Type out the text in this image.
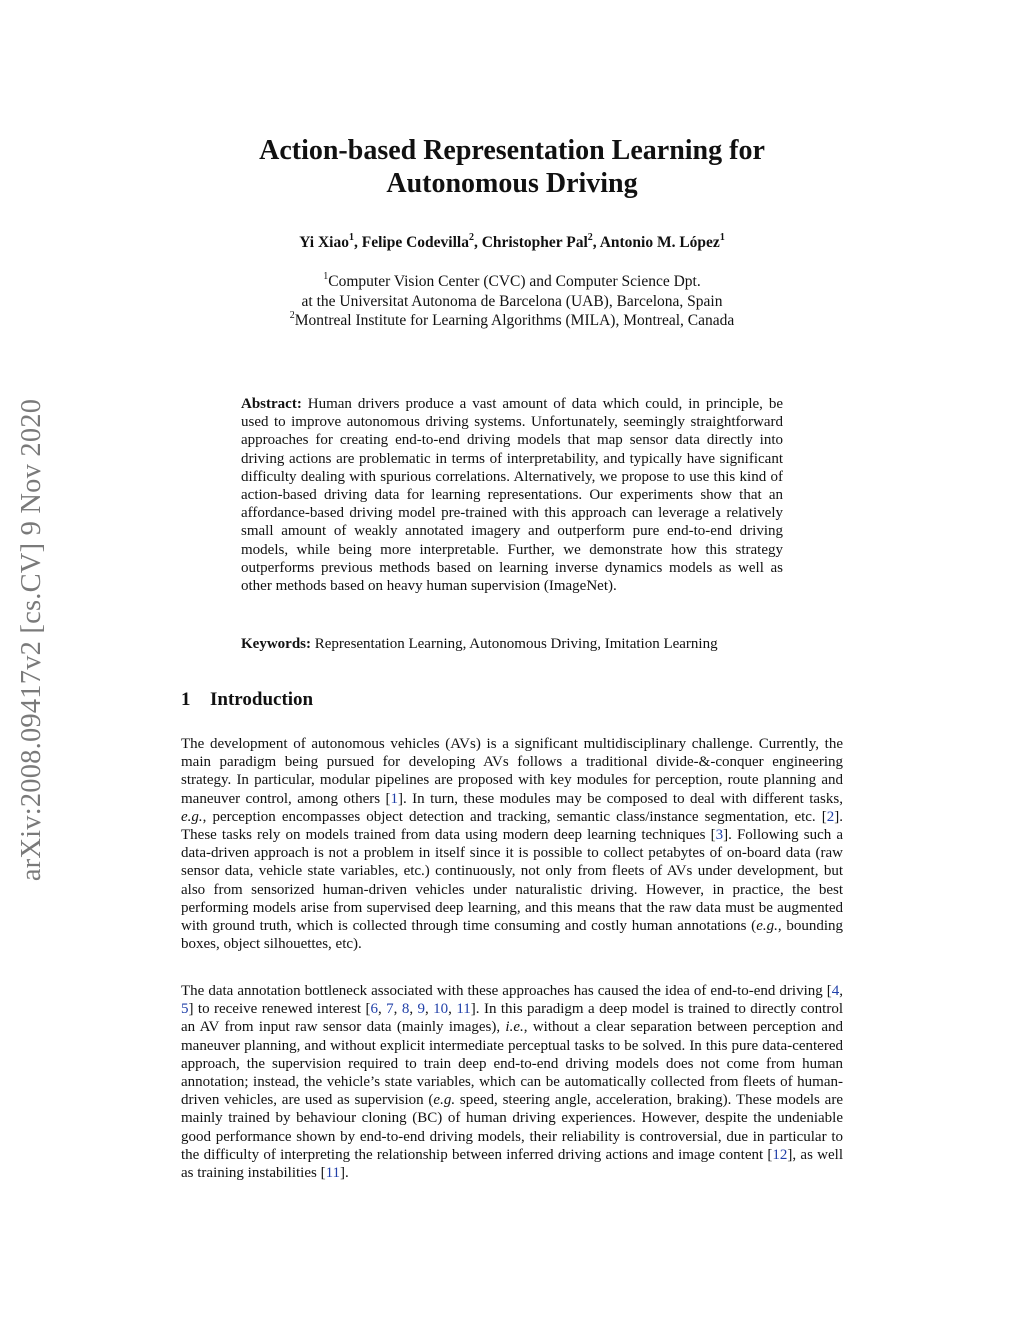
arXiv:2008.09417v2 [cs.CV] 9 Nov 2020
Action-based Representation Learning for
Autonomous Driving
Yi Xiao$^1$, Felipe Codevilla$^2$, Christopher Pal$^2$, Antonio M. López$^1$
$^1$Computer Vision Center (CVC) and Computer Science Dpt.
at the Universitat Autonoma de Barcelona (UAB), Barcelona, Spain
$^2$Montreal Institute for Learning Algorithms (MILA), Montreal, Canada
Abstract: Human drivers produce a vast amount of data which could, in principle, be used to improve autonomous driving systems. Unfortunately, seemingly straightforward approaches for creating end-to-end driving models that map sensor data directly into driving actions are problematic in terms of interpretability, and typically have significant difficulty dealing with spurious correlations. Alternatively, we propose to use this kind of action-based driving data for learning representations. Our experiments show that an affordance-based driving model pre-trained with this approach can leverage a relatively small amount of weakly annotated imagery and outperform pure end-to-end driving models, while being more interpretable. Further, we demonstrate how this strategy outperforms previous methods based on learning inverse dynamics models as well as other methods based on heavy human supervision (ImageNet).
Keywords: Representation Learning, Autonomous Driving, Imitation Learning
1 Introduction
The development of autonomous vehicles (AVs) is a significant multidisciplinary challenge. Currently, the main paradigm being pursued for developing AVs follows a traditional divide-&-conquer engineering strategy. In particular, modular pipelines are proposed with key modules for perception, route planning and maneuver control, among others [1]. In turn, these modules may be composed to deal with different tasks, e.g., perception encompasses object detection and tracking, semantic class/instance segmentation, etc. [2]. These tasks rely on models trained from data using modern deep learning techniques [3]. Following such a data-driven approach is not a problem in itself since it is possible to collect petabytes of on-board data (raw sensor data, vehicle state variables, etc.) continuously, not only from fleets of AVs under development, but also from sensorized human-driven vehicles under naturalistic driving. However, in practice, the best performing models arise from supervised deep learning, and this means that the raw data must be augmented with ground truth, which is collected through time consuming and costly human annotations (e.g., bounding boxes, object silhouettes, etc).
The data annotation bottleneck associated with these approaches has caused the idea of end-to-end driving [4, 5] to receive renewed interest [6, 7, 8, 9, 10, 11]. In this paradigm a deep model is trained to directly control an AV from input raw sensor data (mainly images), i.e., without a clear separation between perception and maneuver planning, and without explicit intermediate perceptual tasks to be solved. In this pure data-centered approach, the supervision required to train deep end-to-end driving models does not come from human annotation; instead, the vehicle’s state variables, which can be automatically collected from fleets of human-driven vehicles, are used as supervision (e.g. speed, steering angle, acceleration, braking). These models are mainly trained by behaviour cloning (BC) of human driving experiences. However, despite the undeniable good performance shown by end-to-end driving models, their reliability is controversial, due in particular to the difficulty of interpreting the relationship between inferred driving actions and image content [12], as well as training instabilities [11].
